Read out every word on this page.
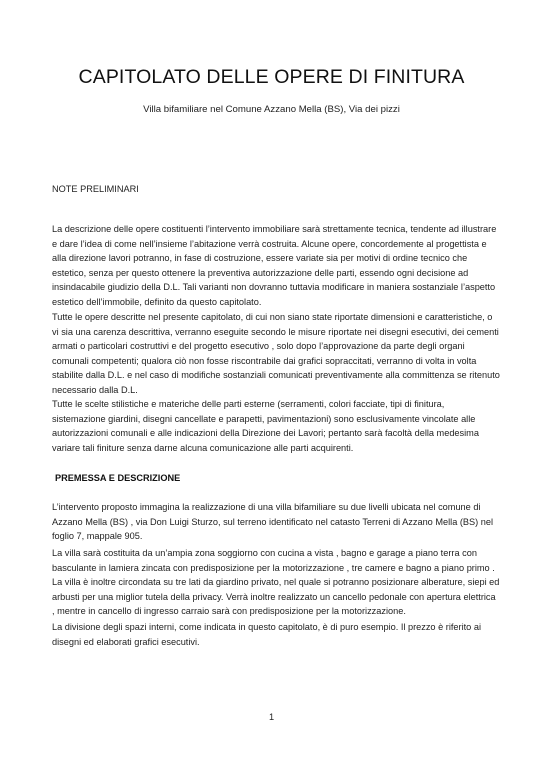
CAPITOLATO DELLE OPERE DI FINITURA
Villa bifamiliare nel Comune Azzano Mella (BS), Via dei pizzi
NOTE PRELIMINARI

La descrizione delle opere costituenti l’intervento immobiliare sarà strettamente tecnica, tendente ad illustrare e dare l’idea di come nell’insieme l’abitazione verrà costruita. Alcune opere, concordemente al progettista e alla direzione lavori potranno, in fase di costruzione, essere variate sia per motivi di ordine tecnico che estetico, senza per questo ottenere la preventiva autorizzazione delle parti, essendo ogni decisione ad insindacabile giudizio della D.L. Tali varianti non dovranno tuttavia modificare in maniera sostanziale l’aspetto estetico dell’immobile, definito da questo capitolato.

Tutte le opere descritte nel presente capitolato, di cui non siano state riportate dimensioni e caratteristiche, o vi sia una carenza descrittiva, verranno eseguite secondo le misure riportate nei disegni esecutivi, dei cementi armati o particolari costruttivi e del progetto esecutivo , solo dopo l’approvazione da parte degli organi comunali competenti; qualora ciò non fosse riscontrabile dai grafici sopraccitati, verranno di volta in volta stabilite dalla D.L. e nel caso di modifiche sostanziali comunicati preventivamente alla committenza se ritenuto necessario dalla D.L.

Tutte le scelte stilistiche e materiche delle parti esterne (serramenti, colori facciate, tipi di finitura, sistemazione giardini, disegni cancellate e parapetti, pavimentazioni) sono esclusivamente vincolate alle autorizzazioni comunali e alle indicazioni della Direzione dei Lavori; pertanto sarà facoltà della medesima variare tali finiture senza darne alcuna comunicazione alle parti acquirenti.

PREMESSA E DESCRIZIONE

L’intervento proposto immagina la realizzazione di una villa bifamiliare su due livelli ubicata nel comune di Azzano Mella (BS) , via Don Luigi Sturzo, sul terreno identificato nel catasto Terreni di Azzano Mella (BS) nel foglio 7, mappale 905.

La villa sarà costituita da un’ampia zona soggiorno con cucina a vista , bagno e garage a piano terra con basculante in lamiera zincata con predisposizione per la motorizzazione , tre camere e bagno a piano primo . La villa è inoltre circondata su tre lati da giardino privato, nel quale si potranno posizionare alberature, siepi ed arbusti per una miglior tutela della privacy. Verrà inoltre realizzato un cancello pedonale con apertura elettrica , mentre in cancello di ingresso carraio sarà con predisposizione per la motorizzazione.

La divisione degli spazi interni, come indicata in questo capitolato, è di puro esempio. Il prezzo è riferito ai disegni ed elaborati grafici esecutivi.

1
